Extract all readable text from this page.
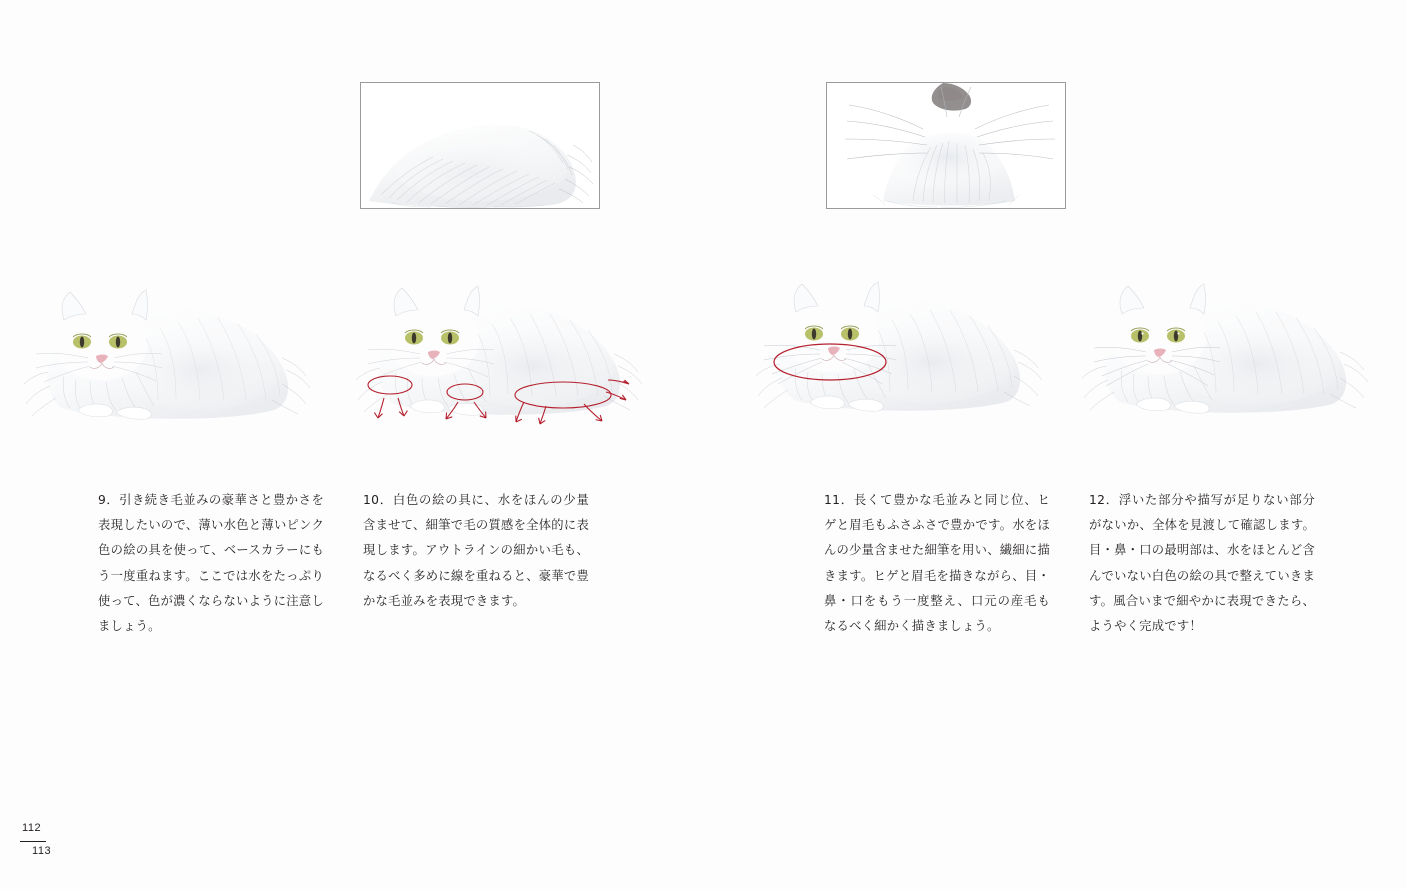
9．引き続き毛並みの豪華さと豊かさを表現したいので、薄い水色と薄いピンク色の絵の具を使って、ベースカラーにもう一度重ねます。ここでは水をたっぷり使って、色が濃くならないように注意しましょう。
10．白色の絵の具に、水をほんの少量含ませて、細筆で毛の質感を全体的に表現します。アウトラインの細かい毛も、なるべく多めに線を重ねると、豪華で豊かな毛並みを表現できます。
11．長くて豊かな毛並みと同じ位、ヒゲと眉毛もふさふさで豊かです。水をほんの少量含ませた細筆を用い、繊細に描きます。ヒゲと眉毛を描きながら、目・鼻・口をもう一度整え、口元の産毛もなるべく細かく描きましょう。
12．浮いた部分や描写が足りない部分がないか、全体を見渡して確認します。目・鼻・口の最明部は、水をほとんど含んでいない白色の絵の具で整えていきます。風合いまで細やかに表現できたら、ようやく完成です！
112
113
